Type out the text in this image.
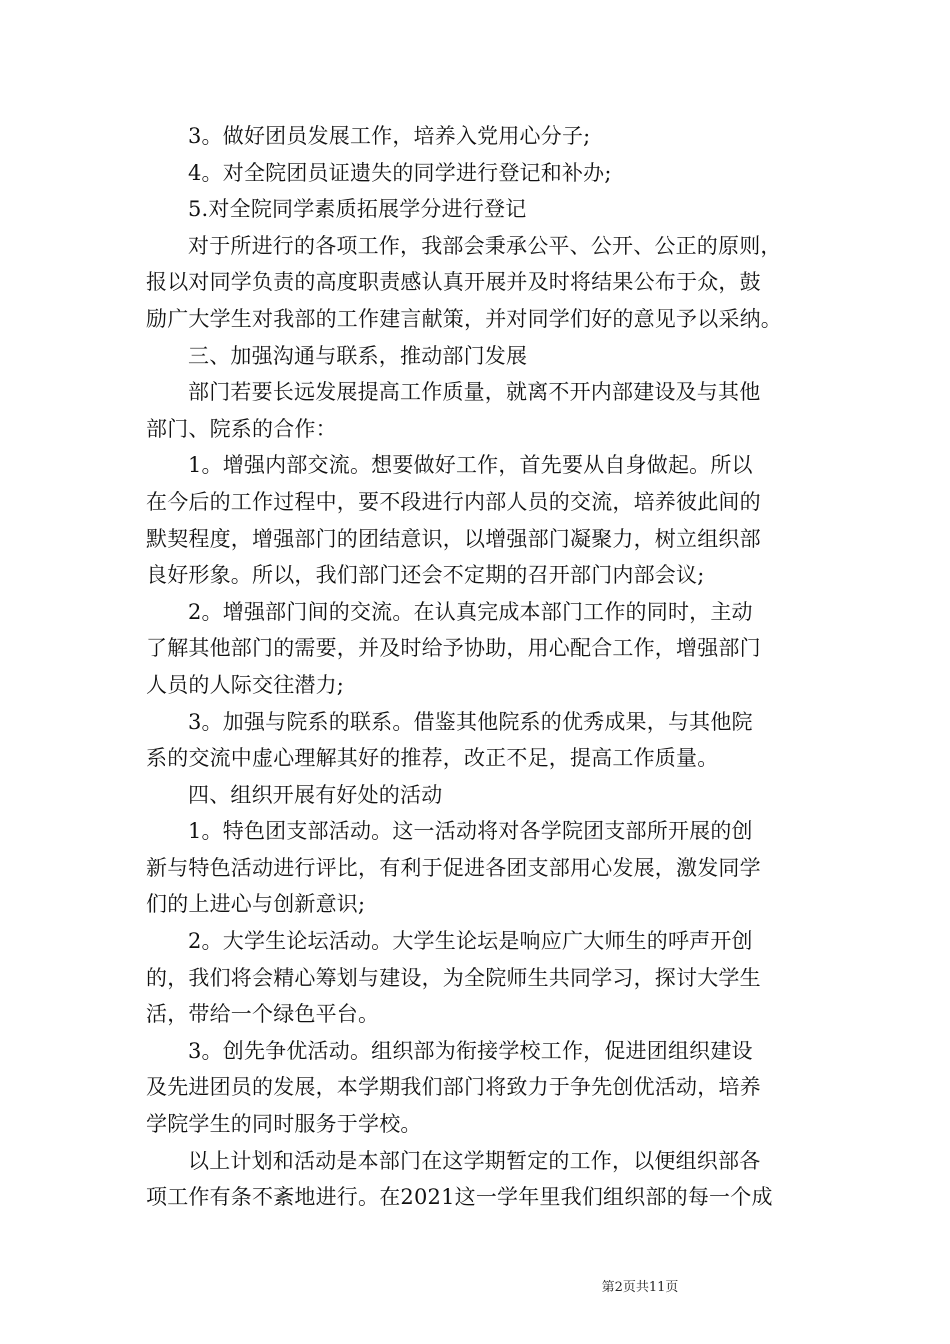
3。做好团员发展工作，培养入党用心分子;
4。对全院团员证遗失的同学进行登记和补办;
5.对全院同学素质拓展学分进行登记
对于所进行的各项工作，我部会秉承公平、公开、公正的原则，
报以对同学负责的高度职责感认真开展并及时将结果公布于众，鼓
励广大学生对我部的工作建言献策，并对同学们好的意见予以采纳。
三、加强沟通与联系，推动部门发展
部门若要长远发展提高工作质量，就离不开内部建设及与其他
部门、院系的合作：
1。增强内部交流。想要做好工作，首先要从自身做起。所以
在今后的工作过程中，要不段进行内部人员的交流，培养彼此间的
默契程度，增强部门的团结意识，以增强部门凝聚力，树立组织部
良好形象。所以，我们部门还会不定期的召开部门内部会议;
2。增强部门间的交流。在认真完成本部门工作的同时，主动
了解其他部门的需要，并及时给予协助，用心配合工作，增强部门
人员的人际交往潜力;
3。加强与院系的联系。借鉴其他院系的优秀成果，与其他院
系的交流中虚心理解其好的推荐，改正不足，提高工作质量。
四、组织开展有好处的活动
1。特色团支部活动。这一活动将对各学院团支部所开展的创
新与特色活动进行评比，有利于促进各团支部用心发展，激发同学
们的上进心与创新意识;
2。大学生论坛活动。大学生论坛是响应广大师生的呼声开创
的，我们将会精心筹划与建设，为全院师生共同学习，探讨大学生
活，带给一个绿色平台。
3。创先争优活动。组织部为衔接学校工作，促进团组织建设
及先进团员的发展，本学期我们部门将致力于争先创优活动，培养
学院学生的同时服务于学校。
以上计划和活动是本部门在这学期暂定的工作，以便组织部各
项工作有条不紊地进行。在2021这一学年里我们组织部的每一个成
第2页共11页
